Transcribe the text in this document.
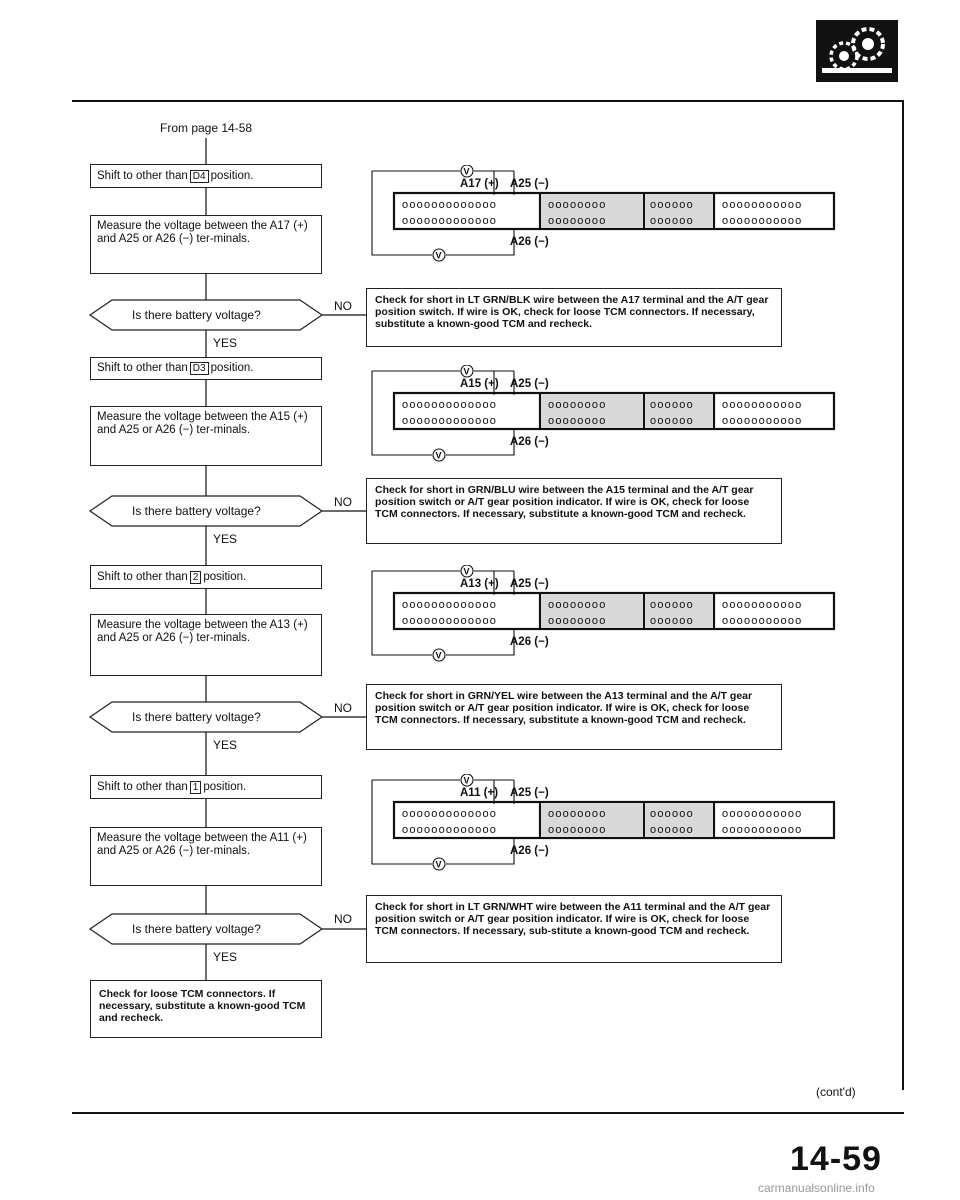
From page 14-58
Shift to other than D4 position.
Measure the voltage between the A17 (+) and A25 or A26 (−) ter-minals.
Is there battery voltage?
NO
YES
Check for short in LT GRN/BLK wire between the A17 terminal and the A/T gear position switch. If wire is OK, check for loose TCM connectors. If necessary, substitute a known-good TCM and recheck.
Shift to other than D3 position.
Measure the voltage between the A15 (+) and A25 or A26 (−) ter-minals.
Is there battery voltage?
NO
YES
Check for short in GRN/BLU wire between the A15 terminal and the A/T gear position switch or A/T gear position indicator. If wire is OK, check for loose TCM connectors. If necessary, substitute a known-good TCM and recheck.
Shift to other than 2 position.
Measure the voltage between the A13 (+) and A25 or A26 (−) ter-minals.
Is there battery voltage?
NO
YES
Check for short in GRN/YEL wire between the A13 terminal and the A/T gear position switch or A/T gear position indicator. If wire is OK, check for loose TCM connectors. If necessary, substitute a known-good TCM and recheck.
Shift to other than 1 position.
Measure the voltage between the A11 (+) and A25 or A26 (−) ter-minals.
Is there battery voltage?
NO
YES
Check for short in LT GRN/WHT wire between the A11 terminal and the A/T gear position switch or A/T gear position indicator. If wire is OK, check for loose TCM connectors. If necessary, sub-stitute a known-good TCM and recheck.
Check for loose TCM connectors. If necessary, substitute a known-good TCM and recheck.
ooooooooooooo
ooooooooooooo
oooooooo
oooooooo
oooooo
oooooo
ooooooooooo
ooooooooooo
V
V
A17 (+) A25 (−)
A26 (−)
ooooooooooooo
ooooooooooooo
oooooooo
oooooooo
oooooo
oooooo
ooooooooooo
ooooooooooo
V
V
A15 (+) A25 (−)
A26 (−)
ooooooooooooo
ooooooooooooo
oooooooo
oooooooo
oooooo
oooooo
ooooooooooo
ooooooooooo
V
V
A13 (+) A25 (−)
A26 (−)
ooooooooooooo
ooooooooooooo
oooooooo
oooooooo
oooooo
oooooo
ooooooooooo
ooooooooooo
V
V
A11 (+) A25 (−)
A26 (−)
(cont'd)
14-59
carmanualsonline.info
